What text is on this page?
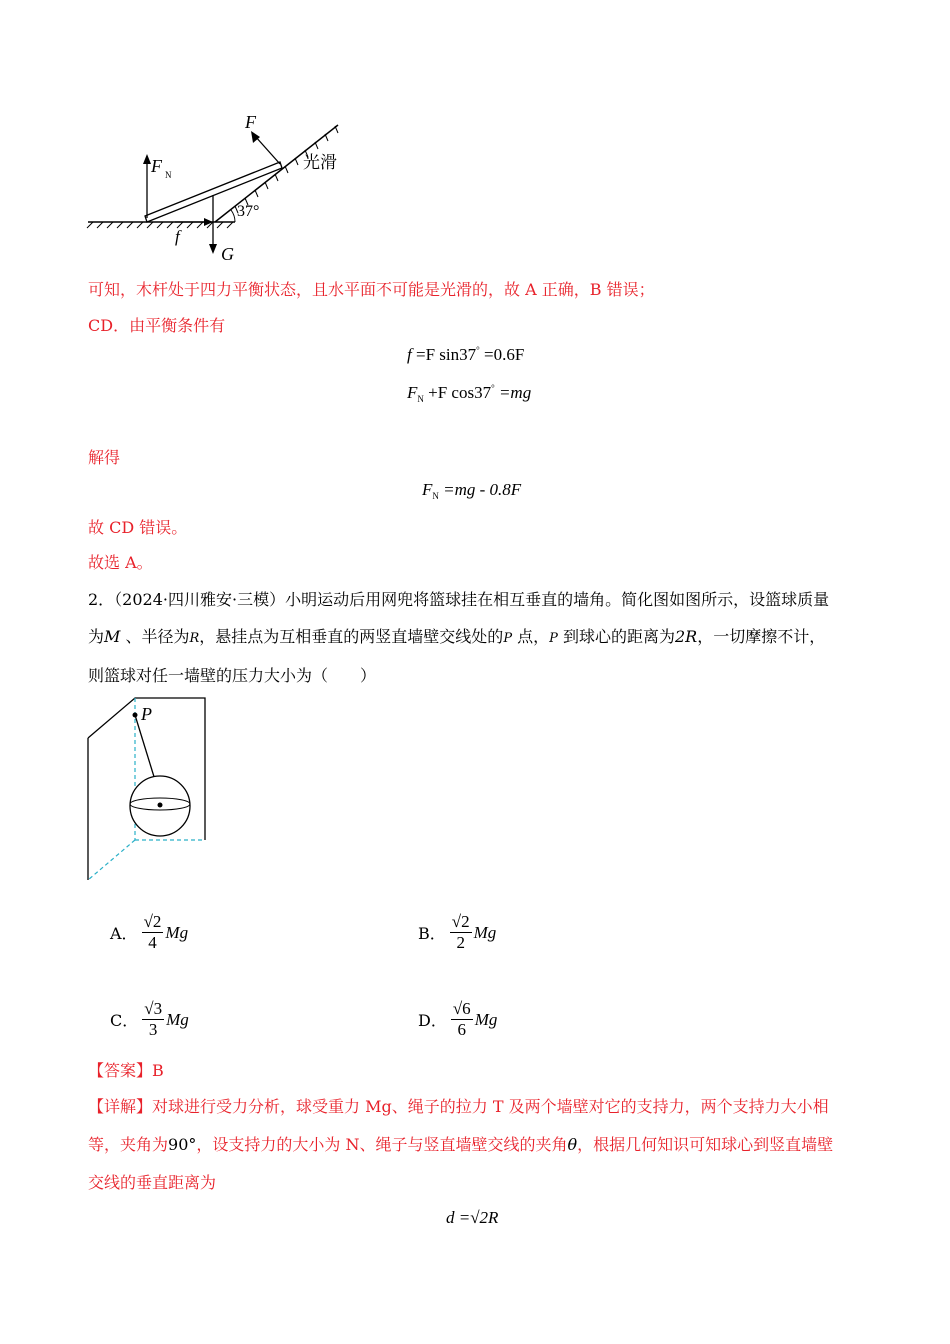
37°
F N
F
光滑
f
G
可知，木杆处于四力平衡状态，且水平面不可能是光滑的，故 A 正确，B 错误；
CD．由平衡条件有
f =F sin37° =0.6F
$F_N +F$ cos37° =mg
解得
$F_N =mg - 0.8F$
故 CD 错误。
故选 A。
2．（2024·四川雅安·三模）小明运动后用网兜将篮球挂在相互垂直的墙角。简化图如图所示，设篮球质量
为M 、半径为R，悬挂点为互相垂直的两竖直墙壁交线处的P 点，P 到球心的距离为2R，一切摩擦不计，
则篮球对任一墙壁的压力大小为（　　）
P
A． $\frac{√2}{4}$ Mg	B． $\frac{√2}{2}$ Mg
C． $\frac{√3}{3}$ Mg	D． $\frac{√6}{6}$ Mg
【答案】B
【详解】对球进行受力分析，球受重力 Mg、绳子的拉力 T 及两个墙壁对它的支持力，两个支持力大小相
等，夹角为90°，设支持力的大小为 N、绳子与竖直墙壁交线的夹角θ，根据几何知识可知球心到竖直墙壁
交线的垂直距离为
d =√2R
